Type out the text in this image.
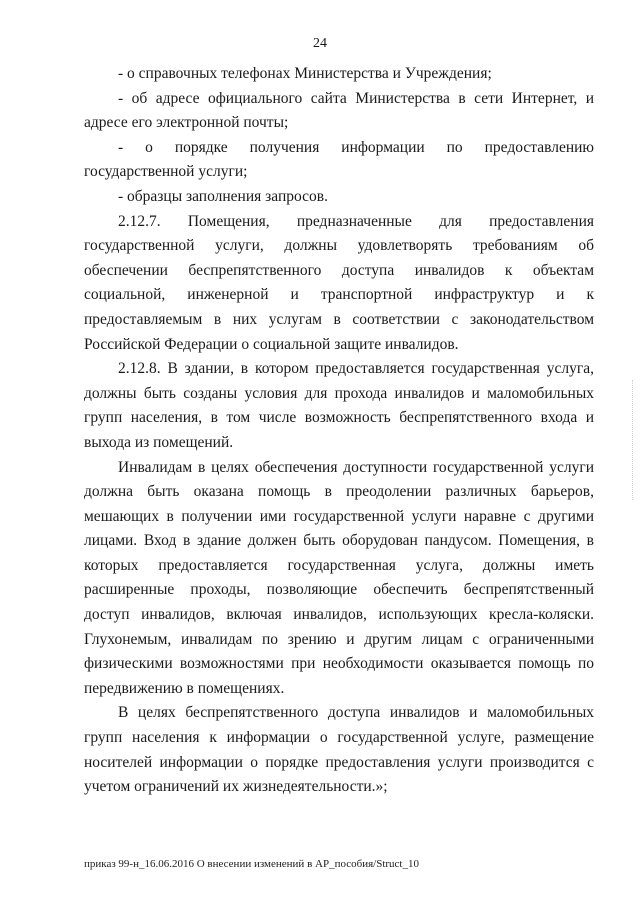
24

- о справочных телефонах Министерства и Учреждения;

- об адресе официального сайта Министерства в сети Интернет, и адресе его электронной почты;

- о порядке получения информации по предоставлению государственной услуги;

- образцы заполнения запросов.

2.12.7. Помещения, предназначенные для предоставления государственной услуги, должны удовлетворять требованиям об обеспечении беспрепятственного доступа инвалидов к объектам социальной, инженерной и транспортной инфраструктур и к предоставляемым в них услугам в соответствии с законодательством Российской Федерации о социальной защите инвалидов.

2.12.8. В здании, в котором предоставляется государственная услуга, должны быть созданы условия для прохода инвалидов и маломобильных групп населения, в том числе возможность беспрепятственного входа и выхода из помещений.

Инвалидам в целях обеспечения доступности государственной услуги должна быть оказана помощь в преодолении различных барьеров, мешающих в получении ими государственной услуги наравне с другими лицами. Вход в здание должен быть оборудован пандусом. Помещения, в которых предоставляется государственная услуга, должны иметь расширенные проходы, позволяющие обеспечить беспрепятственный доступ инвалидов, включая инвалидов, использующих кресла-коляски. Глухонемым, инвалидам по зрению и другим лицам с ограниченными физическими возможностями при необходимости оказывается помощь по передвижению в помещениях.

В целях беспрепятственного доступа инвалидов и маломобильных групп населения к информации о государственной услуге, размещение носителей информации о порядке предоставления услуги производится с учетом ограничений их жизнедеятельности.»;

приказ 99-н_16.06.2016 О внесении изменений в АР_пособия/Struct_10
